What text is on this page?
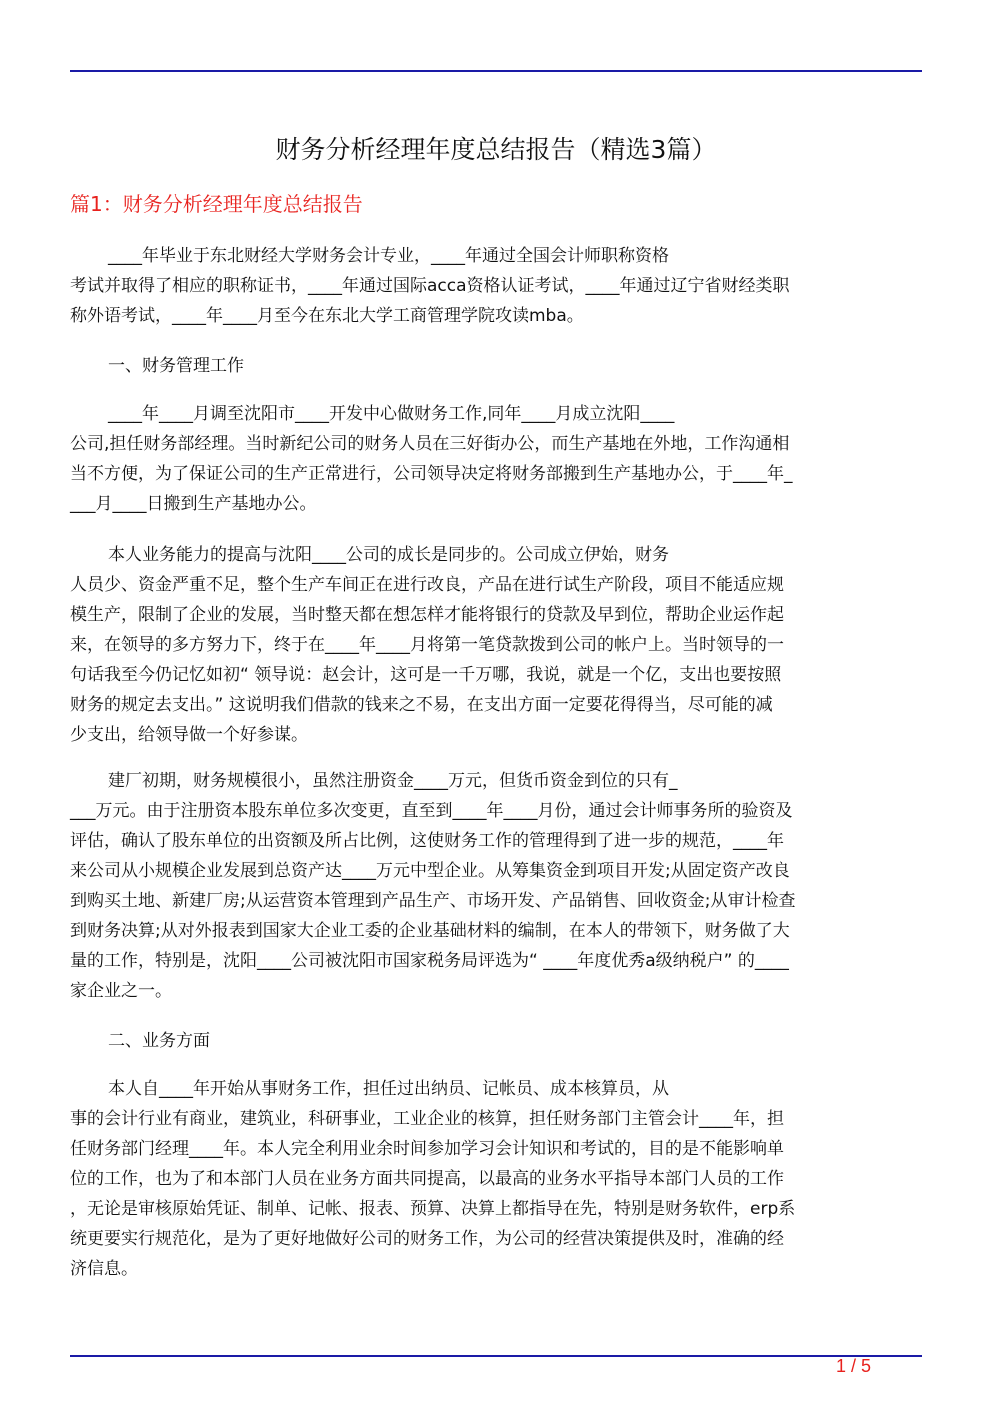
财务分析经理年度总结报告（精选3篇）
篇1：财务分析经理年度总结报告
____年毕业于东北财经大学财务会计专业，____年通过全国会计师职称资格
考试并取得了相应的职称证书，____年通过国际acca资格认证考试，____年通过辽宁省财经类职
称外语考试，____年____月至今在东北大学工商管理学院攻读mba。
一、财务管理工作
____年____月调至沈阳市____开发中心做财务工作,同年____月成立沈阳____
公司,担任财务部经理。当时新纪公司的财务人员在三好街办公，而生产基地在外地，工作沟通相
当不方便，为了保证公司的生产正常进行，公司领导决定将财务部搬到生产基地办公，于____年_
___月____日搬到生产基地办公。
本人业务能力的提高与沈阳____公司的成长是同步的。公司成立伊始，财务
人员少、资金严重不足，整个生产车间正在进行改良，产品在进行试生产阶段，项目不能适应规
模生产，限制了企业的发展，当时整天都在想怎样才能将银行的贷款及早到位，帮助企业运作起
来，在领导的多方努力下，终于在____年____月将第一笔贷款拨到公司的帐户上。当时领导的一
句话我至今仍记忆如初“ 领导说：赵会计，这可是一千万哪，我说，就是一个亿，支出也要按照
财务的规定去支出。” 这说明我们借款的钱来之不易，在支出方面一定要花得得当，尽可能的减
少支出，给领导做一个好参谋。
建厂初期，财务规模很小，虽然注册资金____万元，但货币资金到位的只有_
___万元。由于注册资本股东单位多次变更，直至到____年____月份，通过会计师事务所的验资及
评估，确认了股东单位的出资额及所占比例，这使财务工作的管理得到了进一步的规范，____年
来公司从小规模企业发展到总资产达____万元中型企业。从筹集资金到项目开发;从固定资产改良
到购买土地、新建厂房;从运营资本管理到产品生产、市场开发、产品销售、回收资金;从审计检查
到财务决算;从对外报表到国家大企业工委的企业基础材料的编制，在本人的带领下，财务做了大
量的工作，特别是，沈阳____公司被沈阳市国家税务局评选为“ ____年度优秀a级纳税户” 的____
家企业之一。
二、业务方面
本人自____年开始从事财务工作，担任过出纳员、记帐员、成本核算员，从
事的会计行业有商业，建筑业，科研事业，工业企业的核算，担任财务部门主管会计____年，担
任财务部门经理____年。本人完全利用业余时间参加学习会计知识和考试的，目的是不能影响单
位的工作，也为了和本部门人员在业务方面共同提高，以最高的业务水平指导本部门人员的工作
，无论是审核原始凭证、制单、记帐、报表、预算、决算上都指导在先，特别是财务软件，erp系
统更要实行规范化，是为了更好地做好公司的财务工作，为公司的经营决策提供及时，准确的经
济信息。
1 / 5
